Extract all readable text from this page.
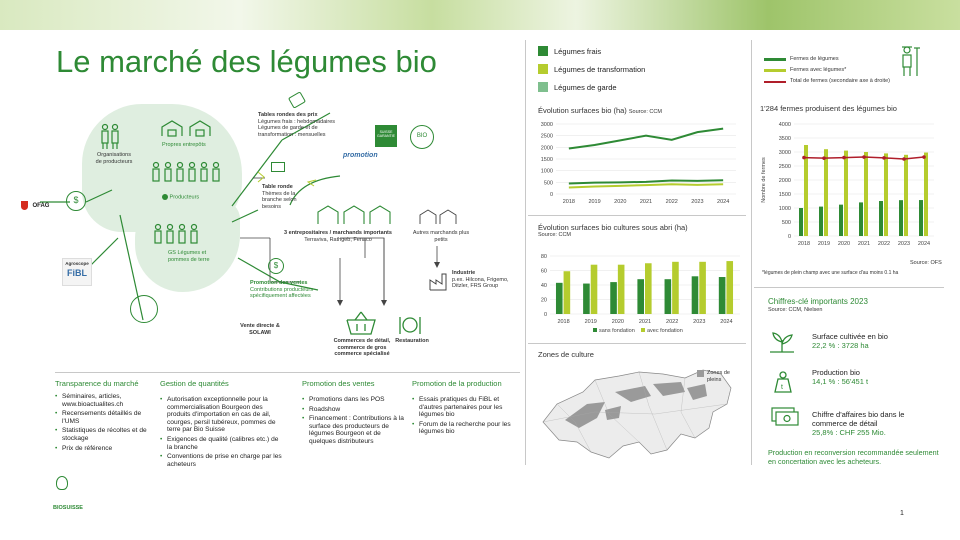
Le marché des légumes bio
OFAG
$
Agroscope
FiBL
Organisations de producteurs
Propres entrepôts
Producteurs
GS Légumes et pommes de terre
Tables rondes des prix
Légumes frais : hebdomadaires Légumes de garde et de transformation : mensuelles	SUISSE GARANTIE	BIO
promotion
Table ronde
Thèmes de la branche selon besoins
3 entrepositaires / marchands importants
Terraviva, Rathgeb, Fenaco
Autres marchands plus petits
Industrie
p.ex. Hilcona, Frigemo, Ditzler, FRS Group
$
Promotion des ventes
Contributions producteurs spécifiquement affectées
Vente directe & SOLAWI
Commerces de détail, commerce de gros commerce spécialisé
Restauration
Transparence du marché
• Séminaires, articles, www.bioactualites.ch
• Recensements détaillés de l'UMS
• Statistiques de récoltes et de stockage
• Prix de référence
Gestion de quantités
• Autorisation exceptionnelle pour la commercialisation Bourgeon des produits d'importation en cas de ail, courges, persil tubéreux, pommes de terre par Bio Suisse
• Exigences de qualité (calibres etc.) de la branche
• Conventions de prise en charge par les acheteurs
Promotion des ventes
• Promotions dans les POS
• Roadshow
• Financement : Contributions à la surface des producteurs de légumes Bourgeon et de quelques distributeurs
Promotion de la production
• Essais pratiques du FiBL et d'autres partenaires pour les légumes bio
• Forum de la recherche pour les légumes bio
BIOSUISSE
Légumes frais
Légumes de transformation
Légumes de garde
Évolution surfaces bio (ha) Source: CCM
0
500
1000
1500
2000
2500
3000
2018 2019 2020 2021 2022 2023 2024
Évolution surfaces bio cultures sous abri (ha)
Source: CCM
0
20
40
60
80
2018	2019	2020	2021	2022	2023	2024
sans fondation avec fondation
Zones de culture
Zones de pleins
Fermes de légumes
Fermes avec légumes*
Total de fermes (secondaire axe à droite)
1'284 fermes produisent des légumes bio
0
500
1000
1500
2000
2500
3000
3500
4000
2018 2019 2020 2021 2022 2023 2024
Nombre de fermes
Source: OFS
*légumes de plein champ avec une surface d'au moins 0.1 ha
Chiffres-clé importants 2023
Source: CCM, Nielsen
Surface cultivée en bio
22,2 % : 3728 ha
t
Production bio
14,1 % : 56'451 t
Chiffre d'affaires bio dans le commerce de détail
25,8% : CHF 255 Mio.
Production en reconversion recommandée seulement en concertation avec les acheteurs.
1
